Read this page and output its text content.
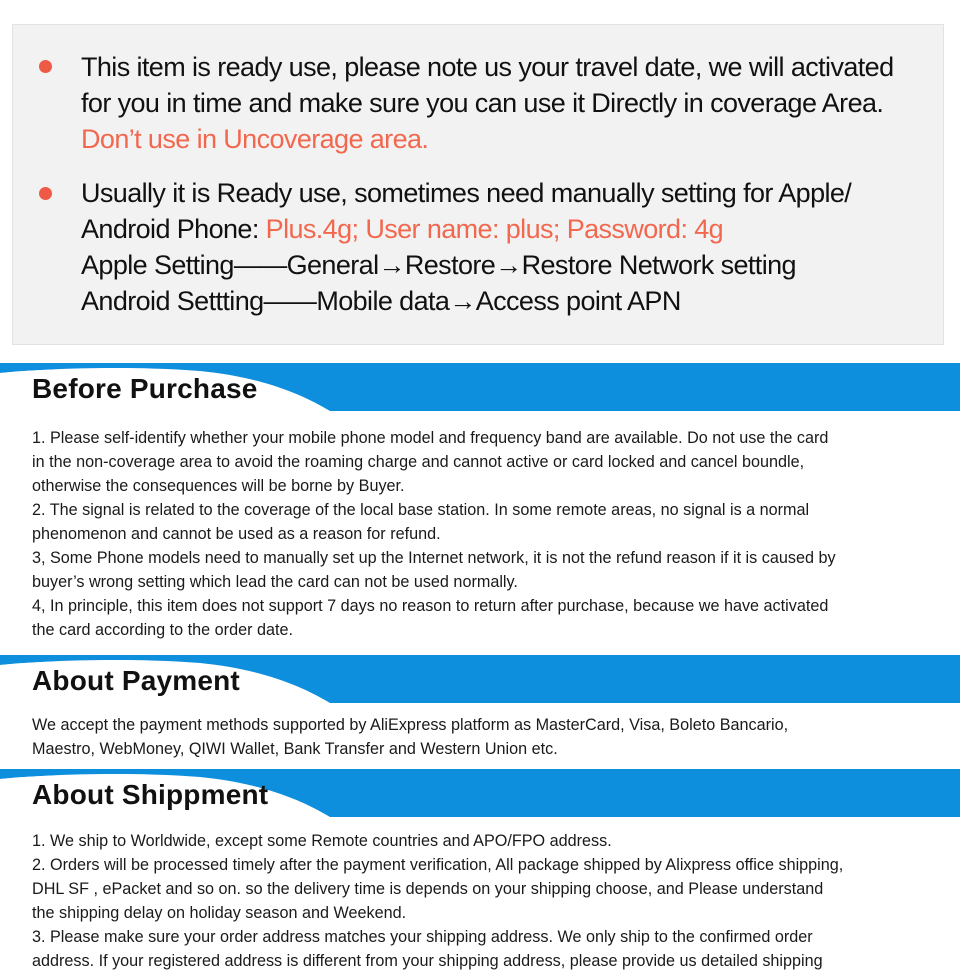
This item is ready use, please note us your travel date, we will activated
for you in time and make sure you can use it Directly in coverage Area.
Don’t use in Uncoverage area.
Usually it is Ready use, sometimes need manually setting for Apple/
Android Phone: Plus.4g; User name: plus; Password: 4g
Apple Setting——General→Restore→Restore Network setting
Android Settting——Mobile data→Access point APN
Before Purchase
1. Please self-identify whether your mobile phone model and frequency band are available. Do not use the card
in the non-coverage area to avoid the roaming charge and cannot active or card locked and cancel boundle,
otherwise the consequences will be borne by Buyer.
2. The signal is related to the coverage of the local base station. In some remote areas, no signal is a normal
phenomenon and cannot be used as a reason for refund.
3, Some Phone models need to manually set up the Internet network, it is not the refund reason if it is caused by
buyer’s wrong setting which lead the card can not be used normally.
4, In principle, this item does not support 7 days no reason to return after purchase, because we have activated
the card according to the order date.
About Payment
We accept the payment methods supported by AliExpress platform as MasterCard, Visa, Boleto Bancario,
Maestro, WebMoney, QIWI Wallet, Bank Transfer and Western Union etc.
About Shippment
1. We ship to Worldwide, except some Remote countries and APO/FPO address.
2. Orders will be processed timely after the payment verification, All package shipped by Alixpress office shipping,
DHL SF , ePacket and so on. so the delivery time is depends on your shipping choose, and Please understand
the shipping delay on holiday season and Weekend.
3. Please make sure your order address matches your shipping address. We only ship to the confirmed order
address. If your registered address is different from your shipping address, please provide us detailed shipping
